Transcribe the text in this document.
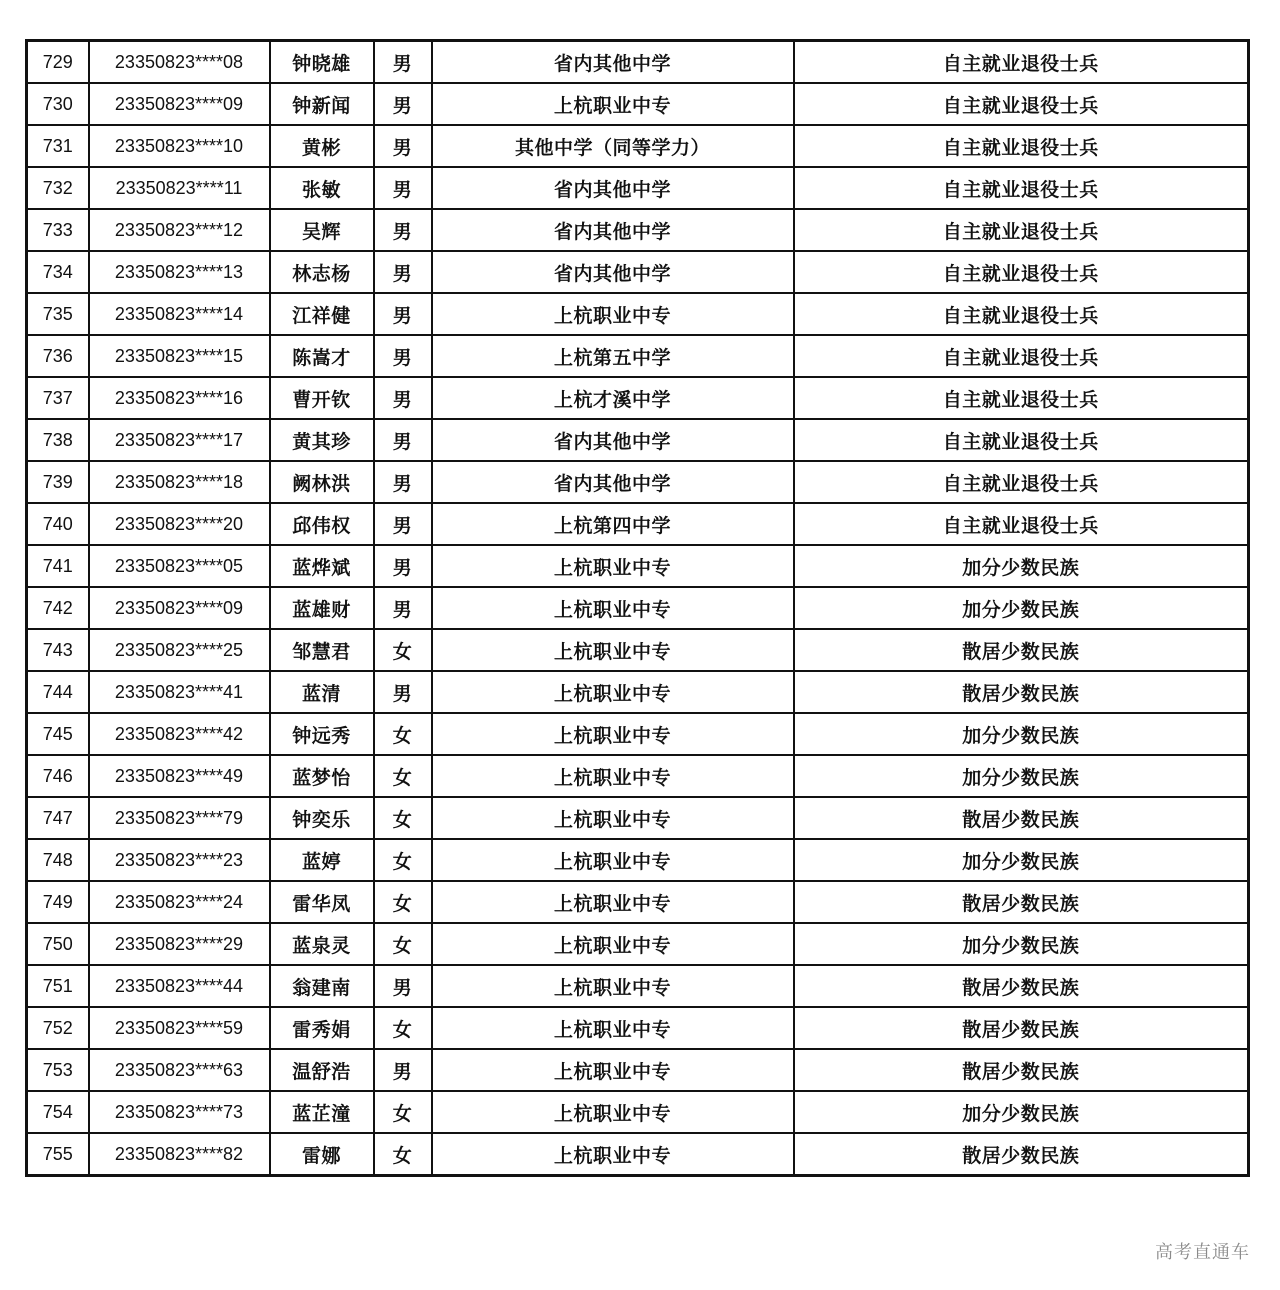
729	23350823****08	钟晓雄	男	省内其他中学	自主就业退役士兵
730	23350823****09	钟新闻	男	上杭职业中专	自主就业退役士兵
731	23350823****10	黄彬	男	其他中学（同等学力）	自主就业退役士兵
732	23350823****11	张敏	男	省内其他中学	自主就业退役士兵
733	23350823****12	吴辉	男	省内其他中学	自主就业退役士兵
734	23350823****13	林志杨	男	省内其他中学	自主就业退役士兵
735	23350823****14	江祥健	男	上杭职业中专	自主就业退役士兵
736	23350823****15	陈嵩才	男	上杭第五中学	自主就业退役士兵
737	23350823****16	曹开钦	男	上杭才溪中学	自主就业退役士兵
738	23350823****17	黄其珍	男	省内其他中学	自主就业退役士兵
739	23350823****18	阙林洪	男	省内其他中学	自主就业退役士兵
740	23350823****20	邱伟权	男	上杭第四中学	自主就业退役士兵
741	23350823****05	蓝烨斌	男	上杭职业中专	加分少数民族
742	23350823****09	蓝雄财	男	上杭职业中专	加分少数民族
743	23350823****25	邹慧君	女	上杭职业中专	散居少数民族
744	23350823****41	蓝清	男	上杭职业中专	散居少数民族
745	23350823****42	钟远秀	女	上杭职业中专	加分少数民族
746	23350823****49	蓝梦怡	女	上杭职业中专	加分少数民族
747	23350823****79	钟奕乐	女	上杭职业中专	散居少数民族
748	23350823****23	蓝婷	女	上杭职业中专	加分少数民族
749	23350823****24	雷华凤	女	上杭职业中专	散居少数民族
750	23350823****29	蓝泉灵	女	上杭职业中专	加分少数民族
751	23350823****44	翁建南	男	上杭职业中专	散居少数民族
752	23350823****59	雷秀娟	女	上杭职业中专	散居少数民族
753	23350823****63	温舒浩	男	上杭职业中专	散居少数民族
754	23350823****73	蓝芷潼	女	上杭职业中专	加分少数民族
755	23350823****82	雷娜	女	上杭职业中专	散居少数民族
高考直通车
